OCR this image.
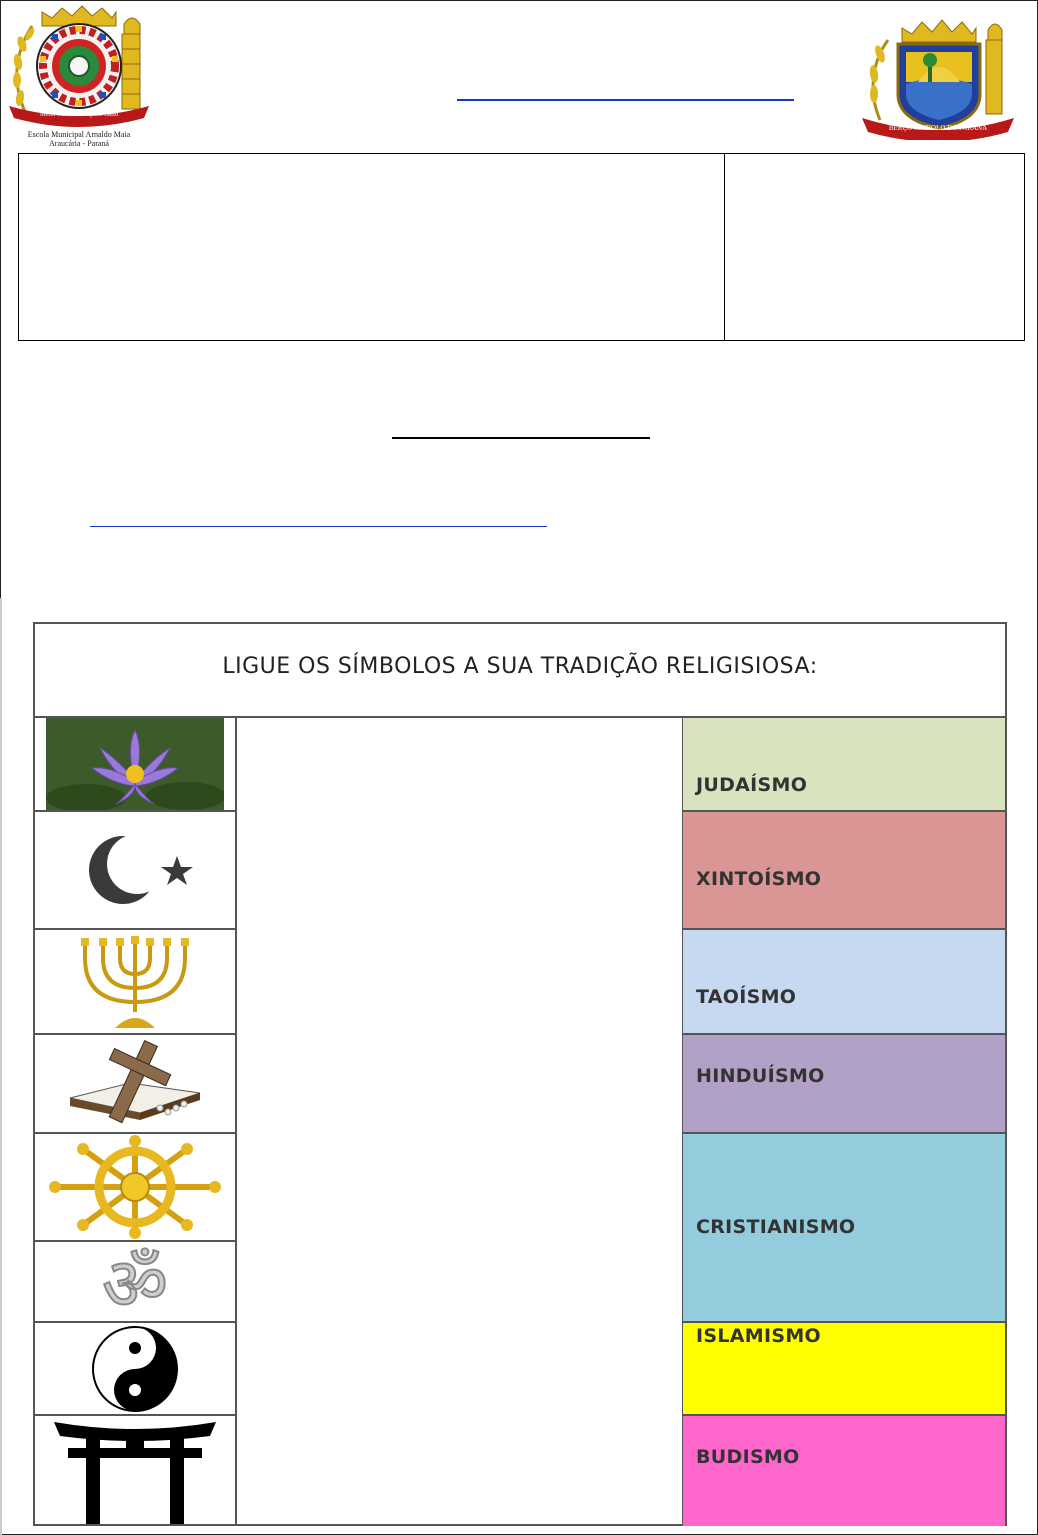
Mens Sana in Corpore Sano
Escola Municipal Arnaldo Maia
Araucária - Paraná
BERÇO SIMBOLO DO PARANÁ
LIGUE OS SÍMBOLOS A SUA TRADIÇÃO RELIGISIOSA:
ॐ
JUDAÍSMO
XINTOÍSMO
TAOÍSMO
HINDUÍSMO
CRISTIANISMO
ISLAMISMO
BUDISMO
